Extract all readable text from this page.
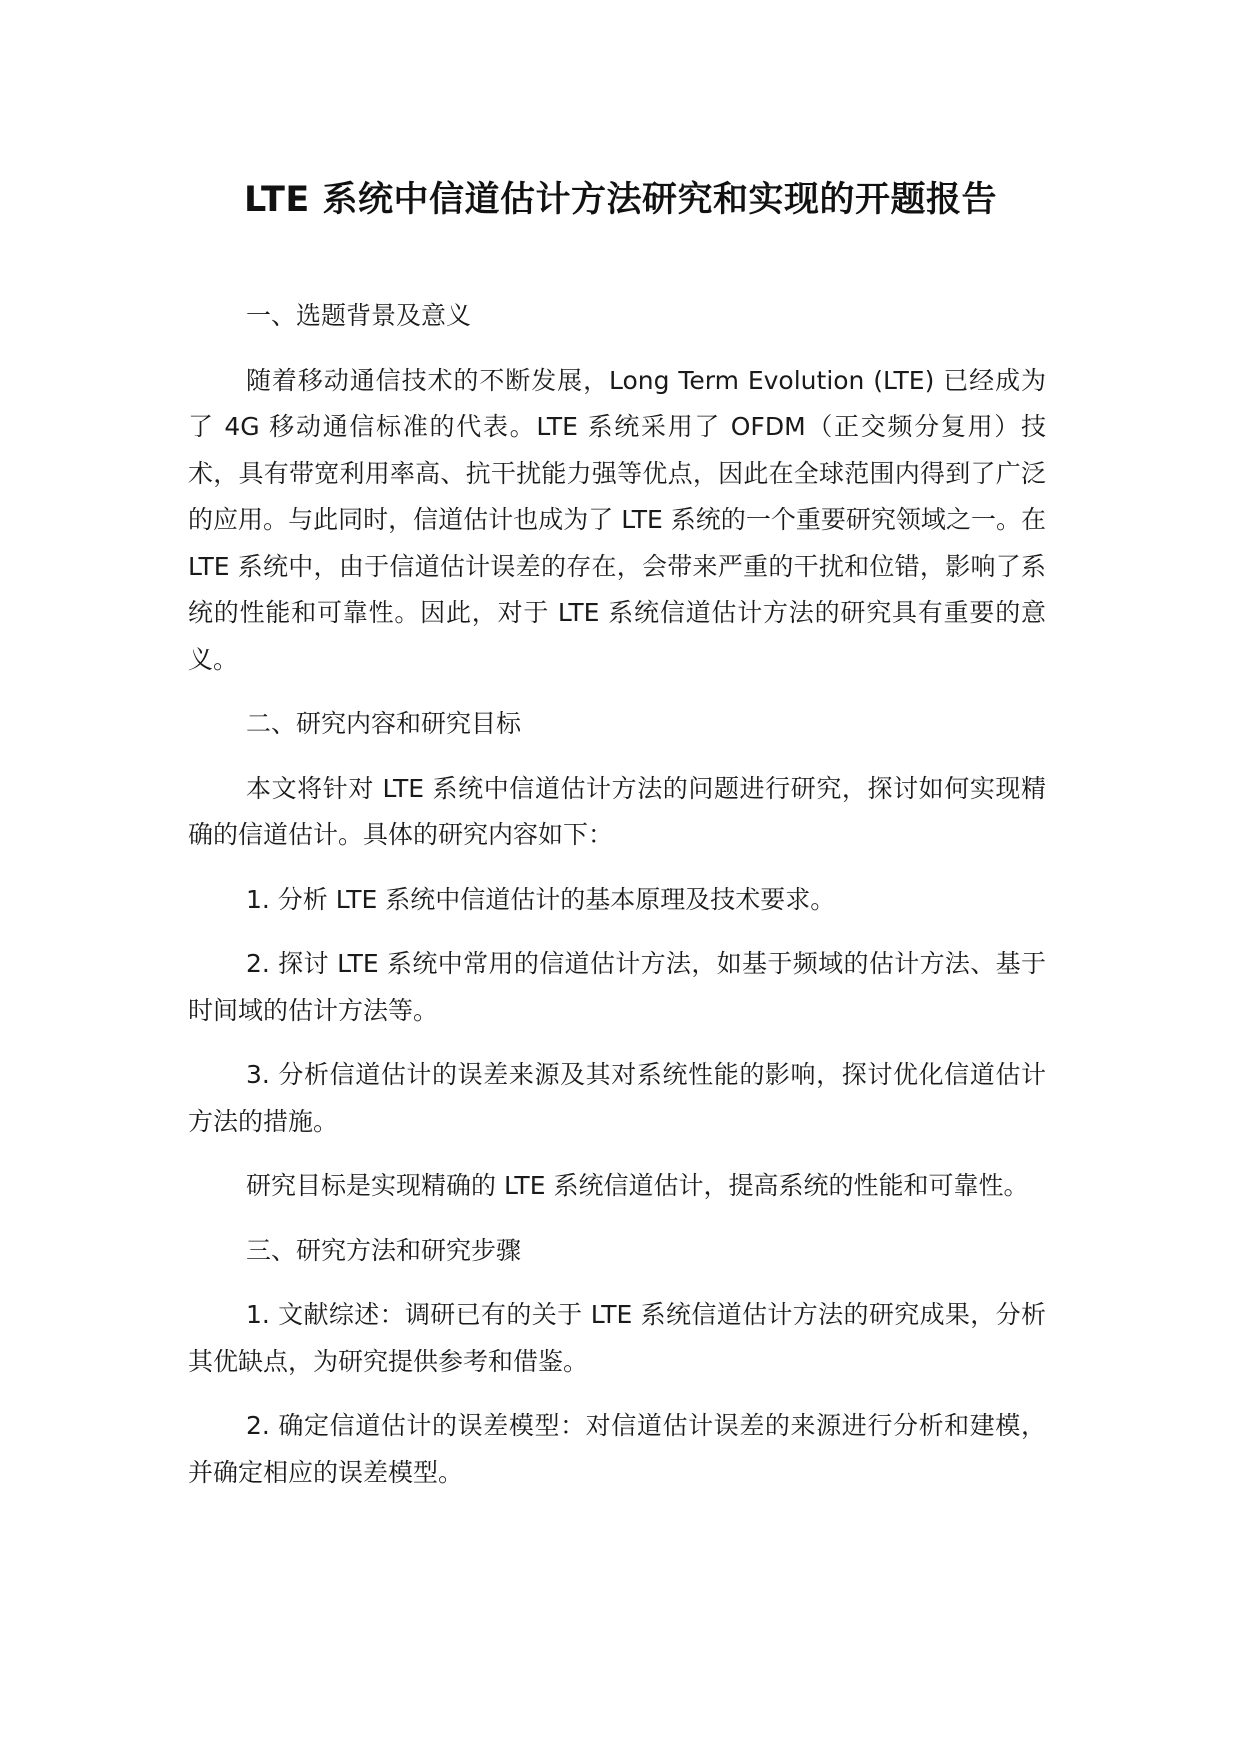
LTE 系统中信道估计方法研究和实现的开题报告

一、选题背景及意义

随着移动通信技术的不断发展，Long Term Evolution (LTE) 已经成为了 4G 移动通信标准的代表。LTE 系统采用了 OFDM（正交频分复用）技术，具有带宽利用率高、抗干扰能力强等优点，因此在全球范围内得到了广泛的应用。与此同时，信道估计也成为了 LTE 系统的一个重要研究领域之一。在 LTE 系统中，由于信道估计误差的存在，会带来严重的干扰和位错，影响了系统的性能和可靠性。因此，对于 LTE 系统信道估计方法的研究具有重要的意义。

二、研究内容和研究目标

本文将针对 LTE 系统中信道估计方法的问题进行研究，探讨如何实现精确的信道估计。具体的研究内容如下：

1. 分析 LTE 系统中信道估计的基本原理及技术要求。

2. 探讨 LTE 系统中常用的信道估计方法，如基于频域的估计方法、基于时间域的估计方法等。

3. 分析信道估计的误差来源及其对系统性能的影响，探讨优化信道估计方法的措施。

研究目标是实现精确的 LTE 系统信道估计，提高系统的性能和可靠性。

三、研究方法和研究步骤

1. 文献综述：调研已有的关于 LTE 系统信道估计方法的研究成果，分析其优缺点，为研究提供参考和借鉴。

2. 确定信道估计的误差模型：对信道估计误差的来源进行分析和建模，并确定相应的误差模型。
